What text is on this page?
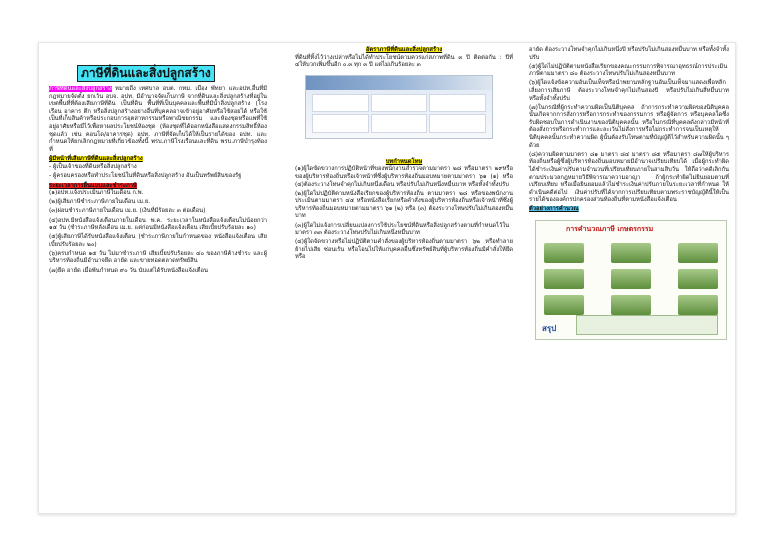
ภาษีที่ดินและสิ่งปลูกสร้าง

ภาษีที่ดินและสิ่งปลูกสร้าง หมายถึง เทศบาล อบต. กทม. เมือง พัทยา และอปท.อื่นที่มีกฎหมายจัดตั้ง ยกเว้น อบจ. อปท. มีอำนาจจัดเก็บภาษี จากที่ดินและสิ่งปลูกสร้างที่อยู่ในเขตพื้นที่ที่ต้องเสียภาษีที่ดิน เป็นที่ดิน พื้นที่ที่เป็นบุคคลและพื้นที่มีน้ำสิ่งปลูกสร้าง (โรงเรือน อาคาร ตึก หรือสิ่งปลูกสร้างอย่างอื่นที่บุคคลอาจเข้าอยู่อาศัยหรือใช้สอยได้ หรือใช้เป็นที่เก็บสินค้าหรือประกอบการอุตสาหกรรมหรือพาณิชยกรรม และห้องชุดหรือแพที่ใช้อยู่อาศัยหรือมีไว้เพื่อหาผลประโยชน์ห้องชุด (ห้องชุดที่ได้ออกหนังสือแสดงกรรมสิทธิ์ห้องชุดแล้ว เช่น คอนโด/อาคารชุด) อปท. ภาษีที่จัดเก็บได้ให้เป็นรายได้ของ อปท. และกำหนดให้ยกเลิกกฎหมายที่เกี่ยวข้องทั้งนี้ พรบ.ภาษีโรงเรือนและที่ดิน พรบ.ภาษีบำรุงท้องที่

ผู้มีหน้าที่เสียภาษีที่ดินและสิ่งปลูกสร้าง

- ผู้เป็นเจ้าของที่ดินหรือสิ่งปลูกสร้าง

- ผู้ครอบครองหรือทำประโยชน์ในที่ดินหรือสิ่งปลูกสร้าง อันเป็นทรัพย์สินของรัฐ

ระยะเวลาการยื่นแบบและชำระภาษี

(๑)อปท.แจ้งประเมินภาษีในเดือน ก.พ.

(๒)ผู้เสียภาษีชำระภาษีภายในเดือน เม.ย.

(๓)ผ่อนชำระภาษีภายในเดือน เม.ย. (เงินที่มีร้อยละ ๓ ต่อเดือน)

(๔)อปท.มีหนังสือแจ้งเตือนภายในเดือน พ.ค. ระยะเวลาในหนังสือแจ้งเตือนไม่น้อยกว่า ๑๕ วัน (ชำระภาษีหลังเดือน เม.ย. แต่ก่อนมีหนังสือแจ้งเตือน เสียเบี้ยปรับร้อยละ ๑๐)

(๕)ผู้เสียภาษีได้รับหนังสือแจ้งเตือน (ชำระภาษีภายในกำหนดของ หนังสือแจ้งเตือน เสียเบี้ยปรับร้อยละ ๒๐)

(๖)ครบกำหนด ๑๕ วัน ไม่มาชำระภาษี เสียเบี้ยปรับร้อยละ ๔๐ ของภาษีค้างชำระ และผู้บริหารท้องถิ่นมีอำนาจยึด อายัด และขายทอดตลาดทรัพย์สิน

(๗)ยึด อายัด เมื่อพ้นกำหนด ๙๐ วัน นับแต่ได้รับหนังสือแจ้งเตือน

อัตราภาษีที่ดินและสิ่งปลูกสร้าง

ที่ดินที่ทิ้งไว้ว่างเปล่าหรือไม่ได้ทำประโยชน์ตามควรแก่สภาพที่ดิน ๓ ปี ติดต่อกัน : ปีที่ ๔ให้บวกเพิ่มขึ้นอีก ๐.๓ ทุก ๓ ปี แต่ไม่เกินร้อยละ ๓

บทกำหนดโทษ

(๑)ผู้ใดขัดขวางการปฏิบัติหน้าที่ของพนักงานสำรวจตามมาตรา ๒๘ หรือมาตรา ๒๙หรือของผู้บริหารท้องถิ่นหรือเจ้าหน้าที่ซึ่งผู้บริหารท้องถิ่นมอบหมายตามมาตรา ๖๑ (๑) หรือ (๔)ต้องระวางโทษจำคุกไม่เกินหนึ่งเดือน หรือปรับไม่เกินหนึ่งหมื่นบาท หรือทั้งจำทั้งปรับ

(๒)ผู้ใดไม่ปฏิบัติตามหนังสือเรียกของผู้บริหารท้องถิ่น ตามมาตรา ๒๘ หรือของพนักงานประเมินตามมาตรา ๔๕ หรือหนังสือเรียกหรือคำสั่งของผู้บริหารท้องถิ่นหรือเจ้าหน้าที่ซึ่งผู้บริหารท้องถิ่นมอบหมายตามมาตรา ๖๑ (๒) หรือ (๓) ต้องระวางโทษปรับไม่เกินสองหมื่นบาท

(๓)ผู้ใดไม่แจ้งการเปลี่ยนแปลงการใช้ประโยชน์ที่ดินหรือสิ่งปลูกสร้างตามที่กำหนดไว้ในมาตรา ๓๓ ต้องระวางโทษปรับไม่เกินหนึ่งหมื่นบาท

(๔)ผู้ใดจัดขวางหรือไม่ปฏิบัติตามคำสั่งของผู้บริหารท้องถิ่นตามมาตรา ๖๒ หรือทำลาย ย้ายไปเสีย ซ่อนเร้น หรือโอนไปให้แก่บุคคลอื่นซึ่งทรัพย์สินที่ผู้บริหารท้องถิ่นมีคำสั่งให้ยึดหรือ

อายัด ต้องระวางโทษจำคุกไม่เกินหนึ่งปี หรือปรับไม่เกินสองหมื่นบาท หรือทั้งจำทั้งปรับ

(๕)ผู้ใดไม่ปฏิบัติตามหนังสือเรียกของคณะกรรมการพิจารณาอุทธรณ์การประเมินภาษีตามมาตรา ๘๐ ต้องระวางโทษปรับไม่เกินสองหมื่นบาท

(๖)ผู้ใดแจ้งข้อความอันเป็นเท็จหรือนำพยานหลักฐานอันเป็นเท็จมาแสดงเพื่อหลีกเลี่ยงการเสียภาษี ต้องระวางโทษจำคุกไม่เกินสองปี หรือปรับไม่เกินสี่หมื่นบาท หรือทั้งจำทั้งปรับ

(๗)ในกรณีที่ผู้กระทำความผิดเป็นนิติบุคคล ถ้าการกระทำความผิดของนิติบุคคลนั้นเกิดจากการสั่งการหรือการกระทำของกรรมการ หรือผู้จัดการ หรือบุคคลใดซึ่งรับผิดชอบในการดำเนินงานของนิติบุคคลนั้น หรือในกรณีที่บุคคลดังกล่าวมีหน้าที่ต้องสั่งการหรือกระทำการและละเว้นไม่สั่งการหรือไม่กระทำการจนเป็นเหตุให้นิติบุคคลนั้นกระทำความผิด ผู้นั้นต้องรับโทษตามที่บัญญัติไว้สำหรับความผิดนั้น ๆ ด้วย

(๘)ความผิดตามมาตรา ๘๑ มาตรา ๘๔ มาตรา ๘๕ หรือมาตรา ๘๗ให้ผู้บริหารท้องถิ่นหรือผู้ซึ่งผู้บริหารท้องถิ่นมอบหมายมีอำนาจเปรียบเทียบได้ เมื่อผู้กระทำผิดได้ชำระเงินค่าปรับตามจำนวนที่เปรียบเทียบภายในสามสิบวัน ให้ถือว่าคดีเลิกกันตามประมวลกฎหมายวิธีพิจารณาความอาญา ถ้าผู้กระทำผิดไม่ยินยอมตามที่เปรียบเทียบ หรือเมื่อยินยอมแล้วไม่ชำระเงินค่าปรับภายในระยะเวลาที่กำหนด ให้ดำเนินคดีต่อไป เงินค่าปรับที่ได้จากการเปรียบเทียบตามพระราชบัญญัตินี้ให้เป็นรายได้ขององค์กรปกครองส่วนท้องถิ่นที่ตามหนังสือแจ้งเตือน

ตัวอย่างการคำนวณ
การคำนวณภาษี เกษตรกรรม
สรุป
